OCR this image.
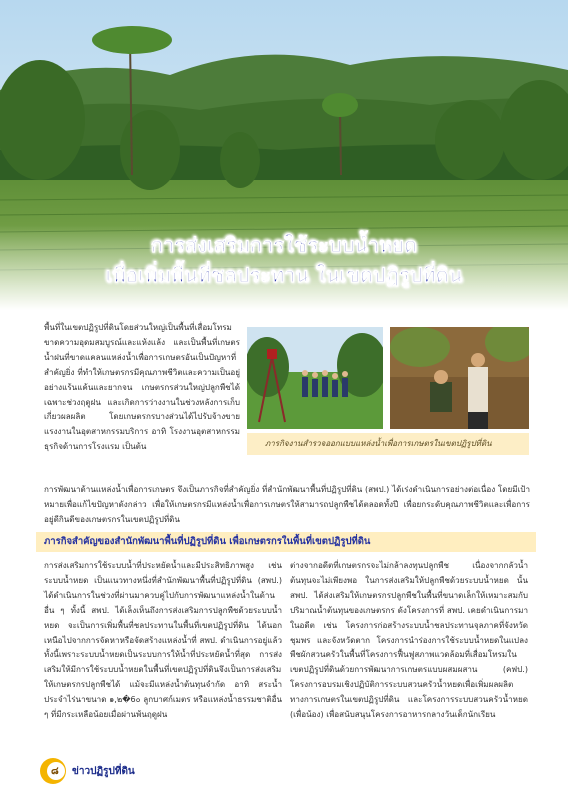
การส่งเสริมการใช้ระบบน้ำหยด
เพื่อเพิ่มพื้นที่ชลประทาน ในเขตปฏิรูปที่ดิน
พื้นที่ในเขตปฏิรูปที่ดินโดยส่วนใหญ่เป็นพื้นที่เสื่อมโทรม ขาดความอุดมสมบูรณ์และแห้งแล้ง และเป็นพื้นที่เกษตรน้ำฝนที่ขาดแคลนแหล่งน้ำเพื่อการเกษตรอันเป็นปัญหาที่สำคัญยิ่ง ที่ทำให้เกษตรกรมีคุณภาพชีวิตและความเป็นอยู่อย่างแร้นแค้นและยากจน เกษตรกรส่วนใหญ่ปลูกพืชได้เฉพาะช่วงฤดูฝน และเกิดการว่างงานในช่วงหลังการเก็บเกี่ยวผลผลิต โดยเกษตรกรบางส่วนได้ไปรับจ้างขายแรงงานในอุตสาหกรรมบริการ อาทิ โรงงานอุตสาหกรรม ธุรกิจด้านการโรงแรม เป็นต้น	ภารกิจงานสำรวจออกแบบแหล่งน้ำเพื่อการเกษตรในเขตปฏิรูปที่ดิน
การพัฒนาด้านแหล่งน้ำเพื่อการเกษตร จึงเป็นภารกิจที่สำคัญยิ่ง ที่สำนักพัฒนาพื้นที่ปฏิรูปที่ดิน (สพป.) ได้เร่งดำเนินการอย่างต่อเนื่อง โดยมีเป้าหมายเพื่อแก้ไขปัญหาดังกล่าว เพื่อให้เกษตรกรมีแหล่งน้ำเพื่อการเกษตรให้สามารถปลูกพืชได้ตลอดทั้งปี เพื่อยกระดับคุณภาพชีวิตและเพื่อการอยู่ดีกินดีของเกษตรกรในเขตปฏิรูปที่ดิน
ภารกิจสำคัญของสำนักพัฒนาพื้นที่ปฏิรูปที่ดิน เพื่อเกษตรกรในพื้นที่เขตปฏิรูปที่ดิน
การส่งเสริมการใช้ระบบน้ำที่ประหยัดน้ำและมีประสิทธิภาพสูง เช่น ระบบน้ำหยด เป็นแนวทางหนึ่งที่สำนักพัฒนาพื้นที่ปฏิรูปที่ดิน (สพป.) ได้ดำเนินการในช่วงที่ผ่านมาควบคู่ไปกับการพัฒนาแหล่งน้ำในด้านอื่น ๆ ทั้งนี้ สพป. ได้เล็งเห็นถึงการส่งเสริมการปลูกพืชด้วยระบบน้ำหยด จะเป็นการเพิ่มพื้นที่ชลประทานในพื้นที่เขตปฏิรูปที่ดิน ได้นอกเหนือไปจากการจัดหาหรือจัดสร้างแหล่งน้ำที่ สพป. ดำเนินการอยู่แล้ว ทั้งนี้เพราะระบบน้ำหยดเป็นระบบการให้น้ำที่ประหยัดน้ำที่สุด การส่งเสริมให้มีการใช้ระบบน้ำหยดในพื้นที่เขตปฏิรูปที่ดินจึงเป็นการส่งเสริมให้เกษตรกรปลูกพืชได้ แม้จะมีแหล่งน้ำต้นทุนจำกัด อาทิ สระน้ำประจำไร่นาขนาด ๑,๒�6๐ ลูกบาศก์เมตร หรือแหล่งน้ำธรรมชาติอื่น ๆ ที่มีกระเหลือน้อยเมื่อผ่านพ้นฤดูฝน
ต่างจากอดีตที่เกษตรกรจะไม่กล้าลงทุนปลูกพืช เนื่องจากกลัวน้ำต้นทุนจะไม่เพียงพอ ในการส่งเสริมให้ปลูกพืชด้วยระบบน้ำหยด นั้น สพป. ได้ส่งเสริมให้เกษตรกรปลูกพืชในพื้นที่ขนาดเล็กให้เหมาะสมกับปริมาณน้ำต้นทุนของเกษตรกร ดังโครงการที่ สพป. เคยดำเนินการมาในอดีต เช่น โครงการก่อสร้างระบบน้ำชลประทานจุลภาคที่จังหวัดชุมพร และจังหวัดตาก โครงการนำร่องการใช้ระบบน้ำหยดในแปลงพืชผักสวนครัวในพื้นที่โครงการฟื้นฟูสภาพแวดล้อมที่เสื่อมโทรมในเขตปฏิรูปที่ดินด้วยการพัฒนาการเกษตรแบบผสมผสาน (คฟป.) โครงการอบรมเชิงปฏิบัติการระบบสวนครัวน้ำหยดเพื่อเพิ่มผลผลิตทางการเกษตรในเขตปฏิรูปที่ดิน และโครงการระบบสวนครัวน้ำหยด (เพื่อน้อง) เพื่อสนับสนุนโครงการอาหารกลางวันเด็กนักเรียน
๘ ข่าวปฏิรูปที่ดิน
